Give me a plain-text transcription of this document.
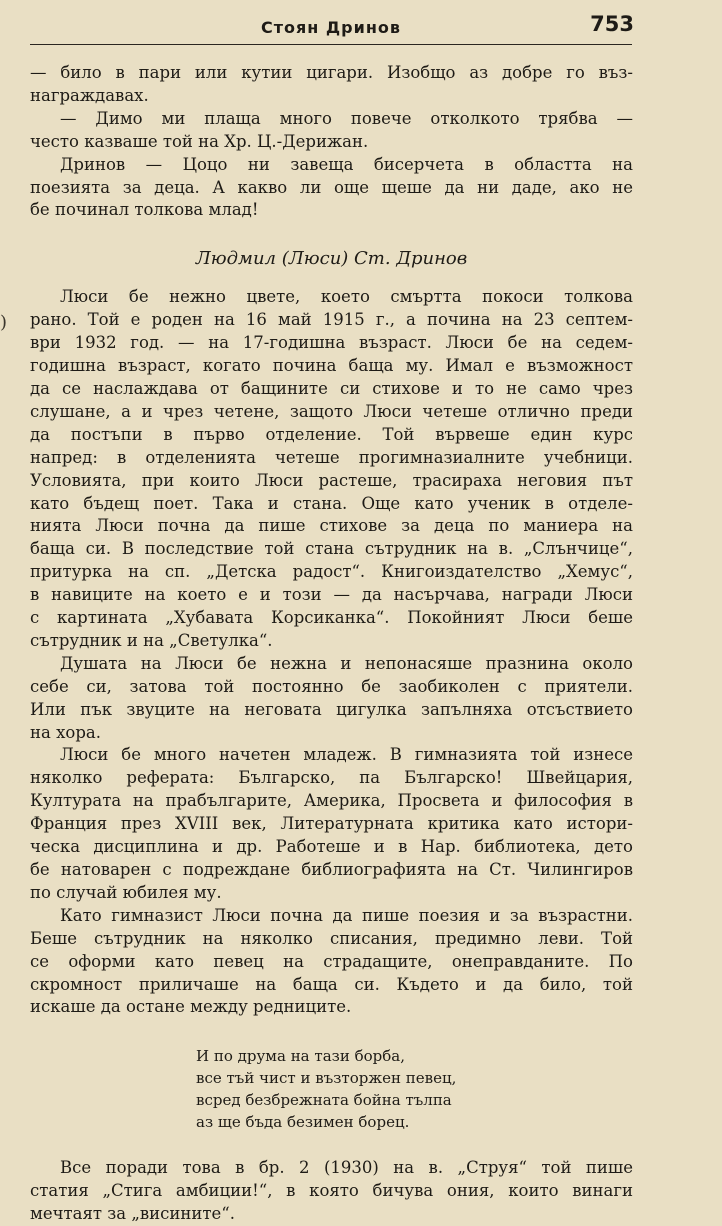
Стоян Дринов	753
)
— било в пари или кутии цигари. Изобщо аз добре го въз-
награждавах.
— Димо ми плаща много повече отколкото трябва —
често казваше той на Хр. Ц.-Дерижан.
Дринов — Цоцо ни завеща бисерчета в областта на
поезията за деца. А какво ли още щеше да ни даде, ако не
бе починал толкова млад!
Людмил (Люси) Ст. Дринов
Люси бе нежно цвете, което смъртта покоси толкова
рано. Той е роден на 16 май 1915 г., а почина на 23 септем-
ври 1932 год. — на 17-годишна възраст. Люси бе на седем-
годишна възраст, когато почина баща му. Имал е възможност
да се наслаждава от бащините си стихове и то не само чрез
слушане, а и чрез четене, защото Люси четеше отлично преди
да постъпи в първо отделение. Той вървеше един курс
напред: в отделенията четеше прогимназиалните учебници.
Условията, при които Люси растеше, трасираха неговия път
като бъдещ поет. Така и стана. Още като ученик в отделе-
нията Люси почна да пише стихове за деца по маниера на
баща си. В последствие той стана сътрудник на в. „Слънчице“,
притурка на сп. „Детска радост“. Книгоиздателство „Хемус“,
в навиците на което е и този — да насърчава, награди Люси
с картината „Хубавата Корсиканка“. Покойният Люси беше
сътрудник и на „Светулка“.
Душата на Люси бе нежна и непонасяше празнина около
себе си, затова той постоянно бе заобиколен с приятели.
Или пък звуците на неговата цигулка запълняха отсъствието
на хора.
Люси бе много начетен младеж. В гимназията той изнесе
няколко реферата: Българско, па Българско! Швейцария,
Културата на прабългарите, Америка, Просвета и философия в
Франция през XVIII век, Литературната критика като истори-
ческа дисциплина и др. Работеше и в Нар. библиотека, дето
бе натоварен с подреждане библиографията на Ст. Чилингиров
по случай юбилея му.
Като гимназист Люси почна да пише поезия и за възрастни.
Беше сътрудник на няколко списания, предимно леви. Той
се оформи като певец на страдащите, онеправданите. По
скромност приличаше на баща си. Където и да било, той
искаше да остане между редниците.
И по друма на тази борба,
все тъй чист и възторжен певец,
всред безбрежната бойна тълпа
аз ще бъда безимен борец.
Все поради това в бр. 2 (1930) на в. „Струя“ той пише
статия „Стига амбиции!“, в която бичува ония, които винаги
мечтаят за „висините“.
